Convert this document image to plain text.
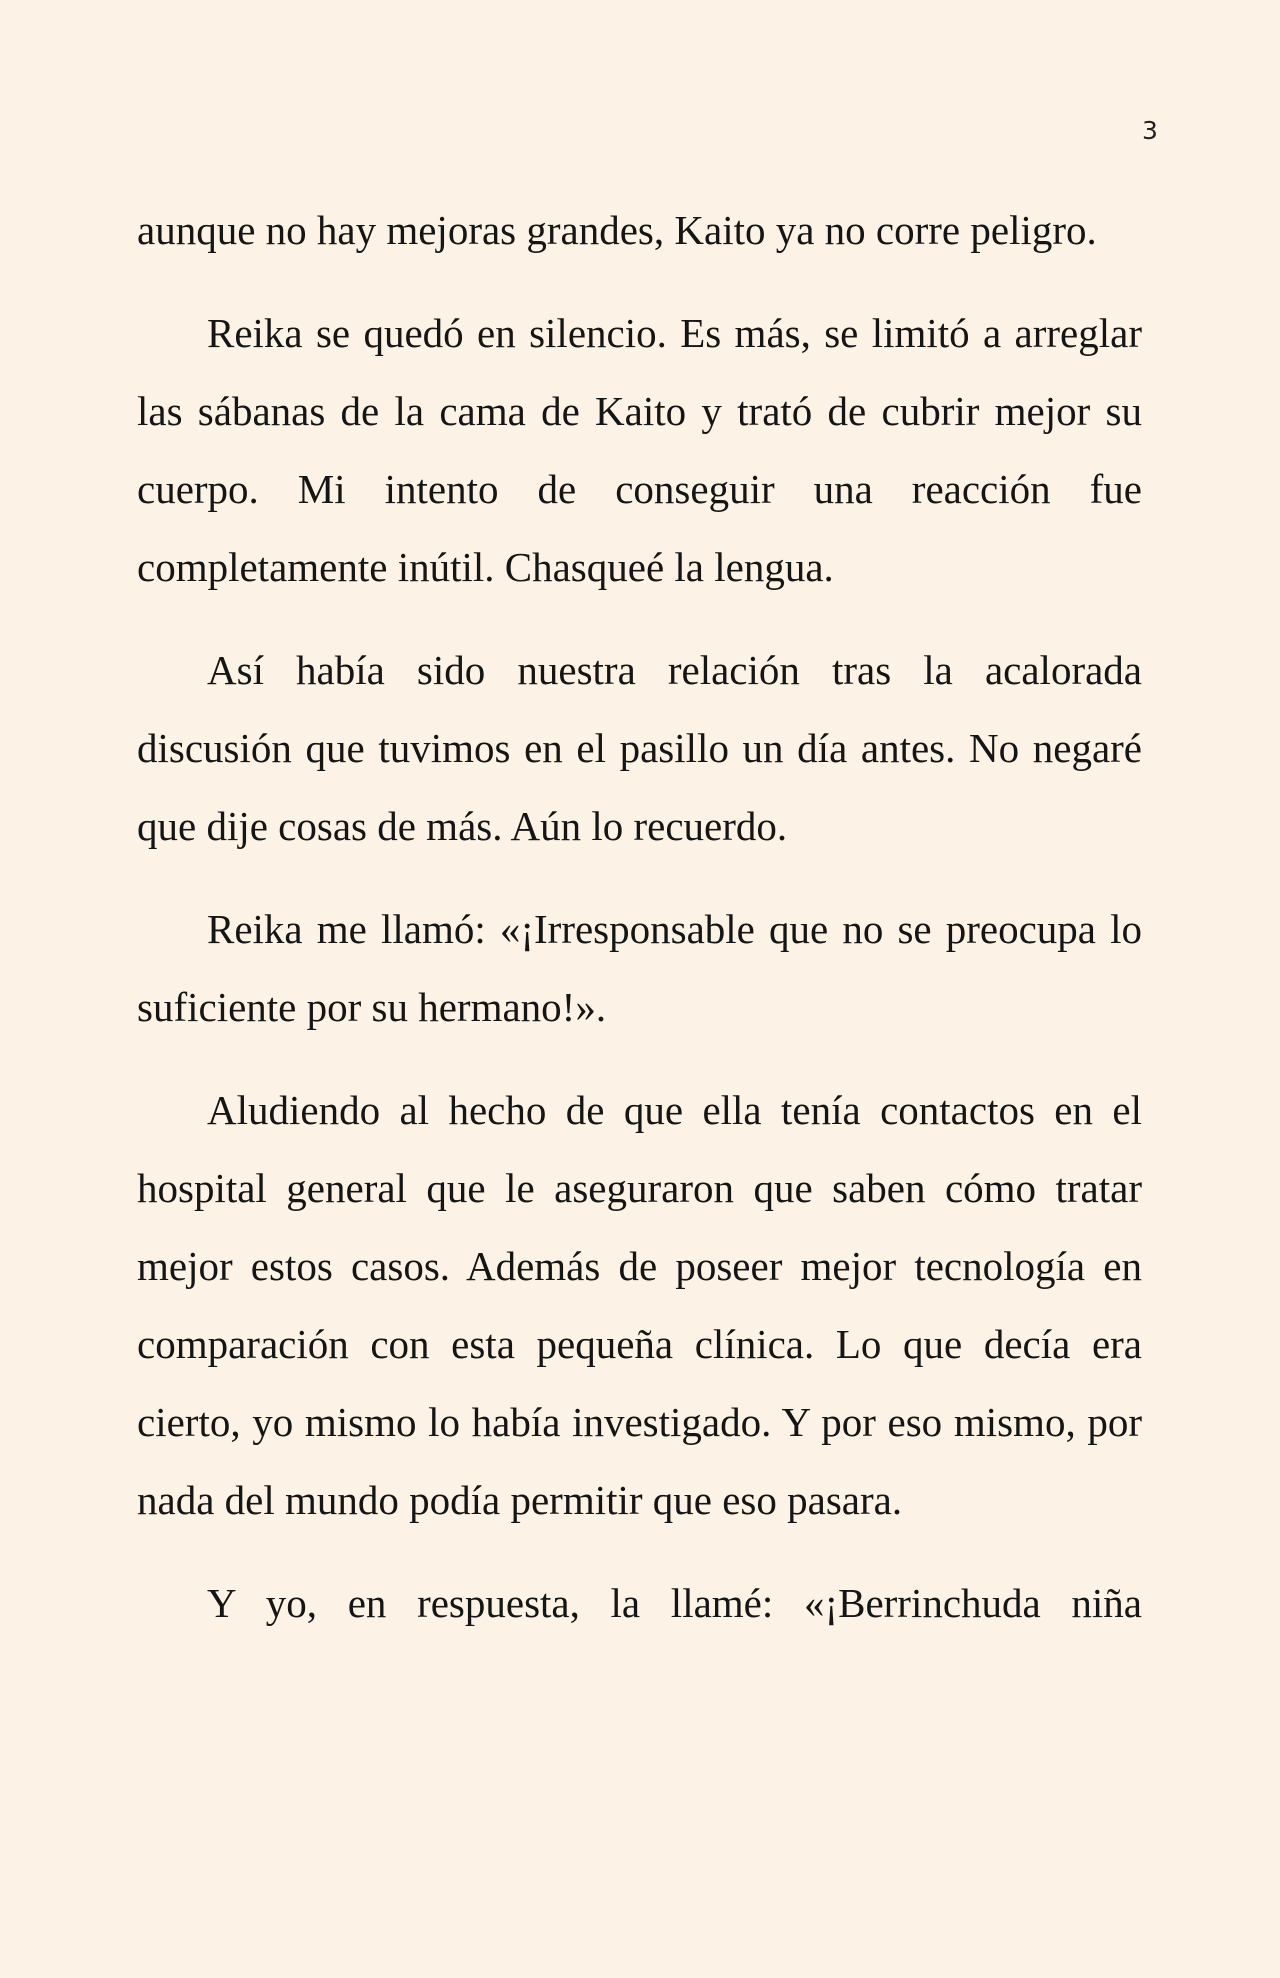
3

aunque no hay mejoras grandes, Kaito ya no corre peligro.

Reika se quedó en silencio. Es más, se limitó a arreglar las sábanas de la cama de Kaito y trató de cubrir mejor su cuerpo. Mi intento de conseguir una reacción fue completamente inútil. Chasqueé la lengua.

Así había sido nuestra relación tras la acalorada discusión que tuvimos en el pasillo un día antes. No negaré que dije cosas de más. Aún lo recuerdo.

Reika me llamó: «¡Irresponsable que no se preocupa lo suficiente por su hermano!».

Aludiendo al hecho de que ella tenía contactos en el hospital general que le aseguraron que saben cómo tratar mejor estos casos. Además de poseer mejor tecnología en comparación con esta pequeña clínica. Lo que decía era cierto, yo mismo lo había investigado. Y por eso mismo, por nada del mundo podía permitir que eso pasara.

Y yo, en respuesta, la llamé: «¡Berrinchuda niña
